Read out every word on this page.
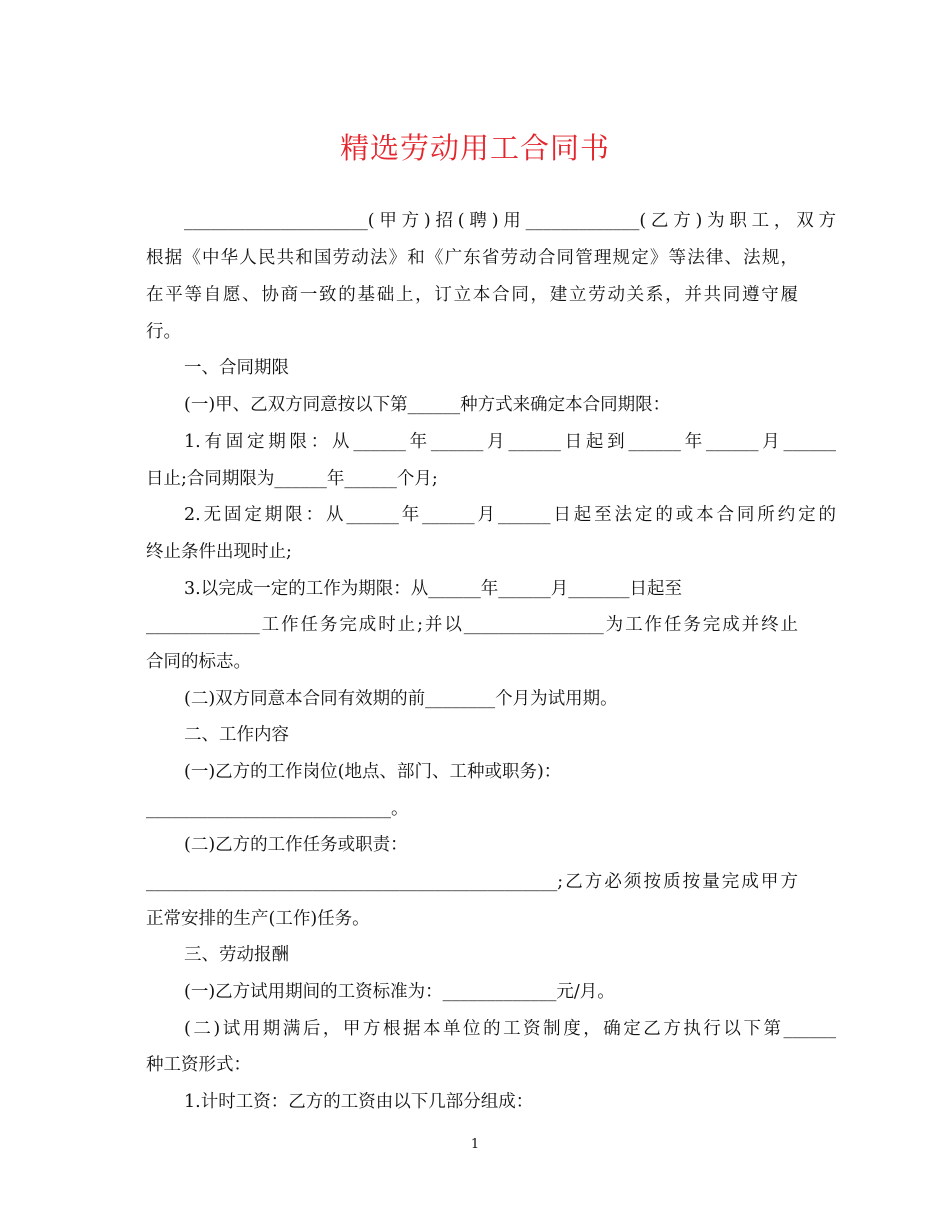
精选劳动用工合同书
_____________________(甲方)招(聘)用_____________(乙方)为职工，双方
根据《中华人民共和国劳动法》和《广东省劳动合同管理规定》等法律、法规，
在平等自愿、协商一致的基础上，订立本合同，建立劳动关系，并共同遵守履
行。
一、合同期限
(一)甲、乙双方同意按以下第______种方式来确定本合同期限：
1.有固定期限：从______年______月______日起到______年______月______
日止;合同期限为______年______个月;
2.无固定期限：从______年______月______日起至法定的或本合同所约定的
终止条件出现时止;
3.以完成一定的工作为期限：从______年______月_______日起至
_____________工作任务完成时止;并以________________为工作任务完成并终止
合同的标志。
(二)双方同意本合同有效期的前________个月为试用期。
二、工作内容
(一)乙方的工作岗位(地点、部门、工种或职务)：
____________________________。
(二)乙方的工作任务或职责：
_______________________________________________;乙方必须按质按量完成甲方
正常安排的生产(工作)任务。
三、劳动报酬
(一)乙方试用期间的工资标准为：_____________元/月。
(二)试用期满后，甲方根据本单位的工资制度，确定乙方执行以下第______
种工资形式：
1.计时工资：乙方的工资由以下几部分组成：
1
